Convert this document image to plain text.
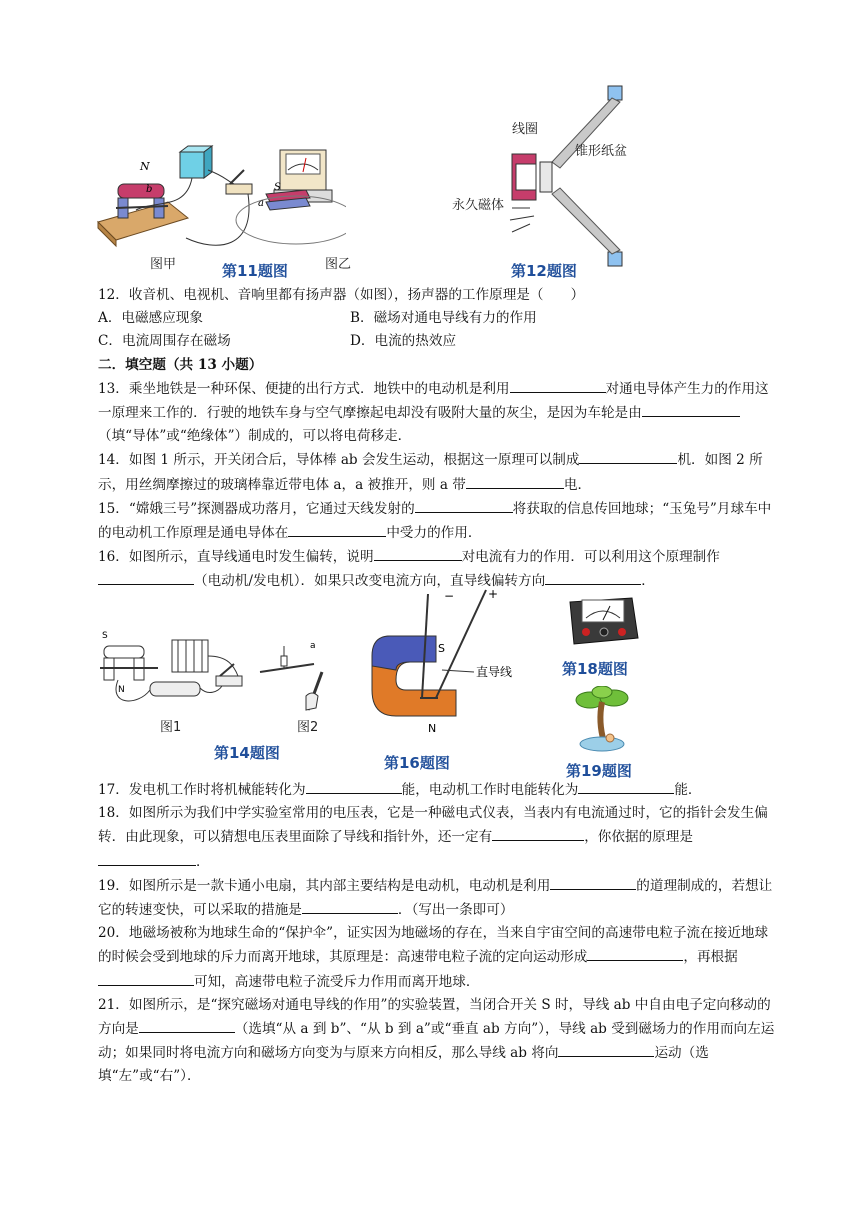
N
b	S
a
图甲	第11题图	图乙
线圈
锥形纸盆
永久磁体
第12题图

12．收音机、电视机、音响里都有扬声器（如图），扬声器的工作原理是（　　）

A．电磁感应现象	B．磁场对通电导线有力的作用

C．电流周围存在磁场	D．电流的热效应

二．填空题（共 13 小题）

13．乘坐地铁是一种环保、便捷的出行方式．地铁中的电动机是利用	对通电导体产生力的作用这一原理来工作的．行驶的地铁车身与空气摩擦起电却没有吸附大量的灰尘，是因为车轮是由（填“导体”或“绝缘体”）制成的，可以将电荷移走．

14．如图 1 所示，开关闭合后，导体棒 ab 会发生运动，根据这一原理可以制成	机．如图 2 所示，用丝绸摩擦过的玻璃棒靠近带电体 a，a 被推开，则 a 带	电．

15．“嫦娥三号”探测器成功落月，它通过天线发射的	将获取的信息传回地球；“玉兔号”月球车中的电动机工作原理是通电导体在	中受力的作用．

16．如图所示，直导线通电时发生偏转，说明	对电流有力的作用．可以利用这个原理制作（电动机/发电机）．如果只改变电流方向，直导线偏转方向	．

S
N
a
图1	图2
第14题图
−	+
S
N
直导线
第16题图
第18题图
第19题图

17．发电机工作时将机械能转化为	能，电动机工作时电能转化为	能．

18．如图所示为我们中学实验室常用的电压表，它是一种磁电式仪表，当表内有电流通过时，它的指针会发生偏转．由此现象，可以猜想电压表里面除了导线和指针外，还一定有	，你依据的原理是．

19．如图所示是一款卡通小电扇，其内部主要结构是电动机，电动机是利用	的道理制成的，若想让它的转速变快，可以采取的措施是	．（写出一条即可）

20．地磁场被称为地球生命的“保护伞”，证实因为地磁场的存在，当来自宇宙空间的高速带电粒子流在接近地球的时候会受到地球的斥力而离开地球，其原理是：高速带电粒子流的定向运动形成	，再根据可知，高速带电粒子流受斥力作用而离开地球．

21．如图所示，是“探究磁场对通电导线的作用”的实验装置，当闭合开关 S 时，导线 ab 中自由电子定向移动的方向是	（选填“从 a 到 b”、“从 b 到 a”或“垂直 ab 方向”），导线 ab 受到磁场力的作用而向左运动；如果同时将电流方向和磁场方向变为与原来方向相反，那么导线 ab 将向	运动（选填“左”或“右”）．
